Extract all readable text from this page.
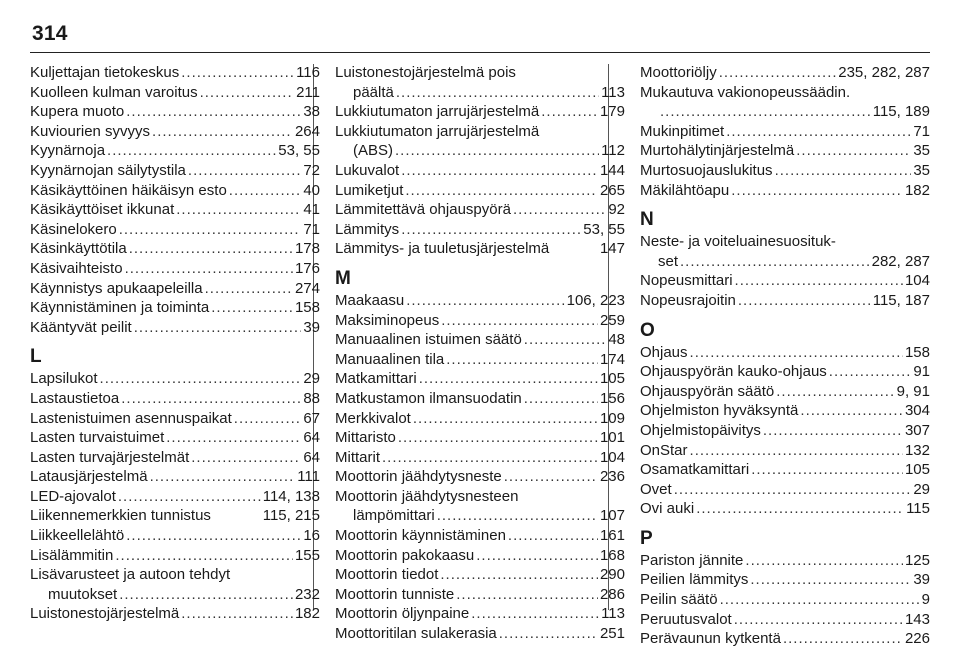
314
Kuljettajan tietokeskus .....	116
Kuolleen kulman varoitus .....	211
Kupera muoto .....	38
Kuviourien syvyys .....	264
Kyynärnoja .....	53, 55
Kyynärnojan säilytystila .....	72
Käsikäyttöinen häikäisyn esto .....	40
Käsikäyttöiset ikkunat .....	41
Käsinelokero .....	71
Käsinkäyttötila .....	178
Käsivaihteisto .....	176
Käynnistys apukaapeleilla .....	274
Käynnistäminen ja toiminta .....	158
Kääntyvät peilit .....	39
L
Lapsilukot .....	29
Lastaustietoa .....	88
Lastenistuimen asennuspaikat .....	67
Lasten turvaistuimet .....	64
Lasten turvajärjestelmät .....	64
Latausjärjestelmä .....	111
LED-ajovalot .....	114, 138
Liikennemerkkien tunnistus	115, 215
Liikkeellelähtö .....	16
Lisälämmitin .....	155
Lisävarusteet ja autoon tehdyt
muutokset .....	232
Luistonestojärjestelmä .....	182
Luistonestojärjestelmä pois
päältä .....	113
Lukkiutumaton jarrujärjestelmä .....	179
Lukkiutumaton jarrujärjestelmä
(ABS) .....	112
Lukuvalot .....	144
Lumiketjut .....	265
Lämmitettävä ohjauspyörä .....	92
Lämmitys .....	53, 55
Lämmitys- ja tuuletusjärjestelmä	147
M
Maakaasu .....	106, 223
Maksiminopeus .....	259
Manuaalinen istuimen säätö .....	48
Manuaalinen tila .....	174
Matkamittari .....	105
Matkustamon ilmansuodatin .....	156
Merkkivalot .....	109
Mittaristo .....	101
Mittarit .....	104
Moottorin jäähdytysneste .....	236
Moottorin jäähdytysnesteen
lämpömittari .....	107
Moottorin käynnistäminen .....	161
Moottorin pakokaasu .....	168
Moottorin tiedot .....	290
Moottorin tunniste .....	286
Moottorin öljynpaine .....	113
Moottoritilan sulakerasia .....	251
Moottoriöljy .....	235, 282, 287
Mukautuva vakionopeussäädin.
.....
115, 189
Mukinpitimet .....	71
Murtohälytinjärjestelmä .....	35
Murtosuojauslukitus .....	35
Mäkilähtöapu .....	182
N
Neste- ja voiteluainesuosituk-
set .....	282, 287
Nopeusmittari .....	104
Nopeusrajoitin .....	115, 187
O
Ohjaus .....	158
Ohjauspyörän kauko-ohjaus .....	91
Ohjauspyörän säätö .....	9, 91
Ohjelmiston hyväksyntä .....	304
Ohjelmistopäivitys .....	307
OnStar .....	132
Osamatkamittari .....	105
Ovet .....	29
Ovi auki .....	115
P
Pariston jännite .....	125
Peilien lämmitys .....	39
Peilin säätö .....	9
Peruutusvalot .....	143
Perävaunun kytkentä .....	226
